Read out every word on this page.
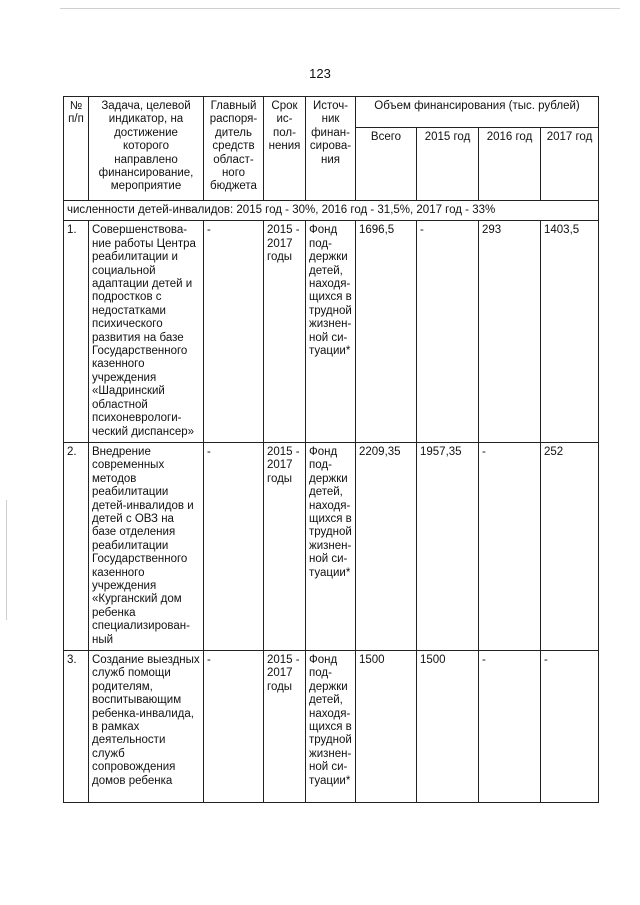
123
№ п/п	Задача, целевой индикатор, на достижение которого направлено финансирование, мероприятие	Главный распоря-дитель средств област-ного бюджета	Срок ис-пол-нения	Источ-ник финан-сирова-ния	Объем финансирования (тыс. рублей)			
					Всего	2015 год	2016 год	2017 год
численности детей-инвалидов: 2015 год - 30%, 2016 год - 31,5%, 2017 год - 33%								
1.	Совершенствова-ние работы Центра реабилитации и социальной адаптации детей и подростков с недостатками психического развития на базе Государственного казенного учреждения «Шадринский областной психоневрологи-ческий диспансер»	-	2015 - 2017 годы	Фонд под-держки детей, находя-щихся в трудной жизнен-ной си-туации*	1696,5	-	293	1403,5
2.	Внедрение современных методов реабилитации детей-инвалидов и детей с ОВЗ на базе отделения реабилитации Государственного казенного учреждения «Курганский дом ребенка специализирован-ный	-	2015 - 2017 годы	Фонд под-держки детей, находя-щихся в трудной жизнен-ной си-туации*	2209,35	1957,35	-	252
3.	Создание выездных служб помощи родителям, воспитывающим ребенка-инвалида, в рамках деятельности служб сопровождения домов ребенка	-	2015 - 2017 годы	Фонд под-держки детей, находя-щихся в трудной жизнен-ной си-туации*	1500	1500	-	-
